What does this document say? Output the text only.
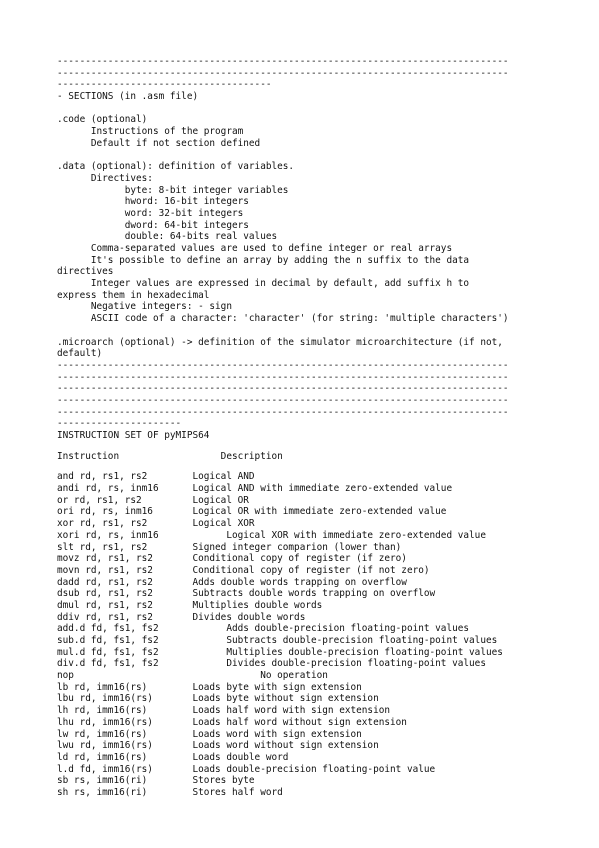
--------------------------------------------------------------------------------
--------------------------------------------------------------------------------
--------------------------------------
- SECTIONS (in .asm file)
.code (optional)
Instructions of the program
Default if not section defined
.data (optional): definition of variables.
Directives:
byte: 8-bit integer variables
hword: 16-bit integers
word: 32-bit integers
dword: 64-bit integers
double: 64-bits real values
Comma-separated values are used to define integer or real arrays
It's possible to define an array by adding the n suffix to the data
directives
Integer values are expressed in decimal by default, add suffix h to
express them in hexadecimal
Negative integers: - sign
ASCII code of a character: 'character' (for string: 'multiple characters')
.microarch (optional) -> definition of the simulator microarchitecture (if not,
default)
--------------------------------------------------------------------------------
--------------------------------------------------------------------------------
--------------------------------------------------------------------------------
--------------------------------------------------------------------------------
--------------------------------------------------------------------------------
----------------------
INSTRUCTION SET OF pyMIPS64
Instruction                  Description
and rd, rs1, rs2        Logical AND
andi rd, rs, inm16      Logical AND with immediate zero-extended value
or rd, rs1, rs2         Logical OR
ori rd, rs, inm16       Logical OR with immediate zero-extended value
xor rd, rs1, rs2        Logical XOR
xori rd, rs, inm16            Logical XOR with immediate zero-extended value
slt rd, rs1, rs2        Signed integer comparion (lower than)
movz rd, rs1, rs2       Conditional copy of register (if zero)
movn rd, rs1, rs2       Conditional copy of register (if not zero)
dadd rd, rs1, rs2       Adds double words trapping on overflow
dsub rd, rs1, rs2       Subtracts double words trapping on overflow
dmul rd, rs1, rs2       Multiplies double words
ddiv rd, rs1, rs2       Divides double words
add.d fd, fs1, fs2            Adds double-precision floating-point values
sub.d fd, fs1, fs2            Subtracts double-precision floating-point values
mul.d fd, fs1, fs2            Multiplies double-precision floating-point values
div.d fd, fs1, fs2            Divides double-precision floating-point values
nop                                 No operation
lb rd, imm16(rs)        Loads byte with sign extension
lbu rd, imm16(rs)       Loads byte without sign extension
lh rd, imm16(rs)        Loads half word with sign extension
lhu rd, imm16(rs)       Loads half word without sign extension
lw rd, imm16(rs)        Loads word with sign extension
lwu rd, imm16(rs)       Loads word without sign extension
ld rd, imm16(rs)        Loads double word
l.d fd, imm16(rs)       Loads double-precision floating-point value
sb rs, imm16(ri)        Stores byte
sh rs, imm16(ri)        Stores half word
